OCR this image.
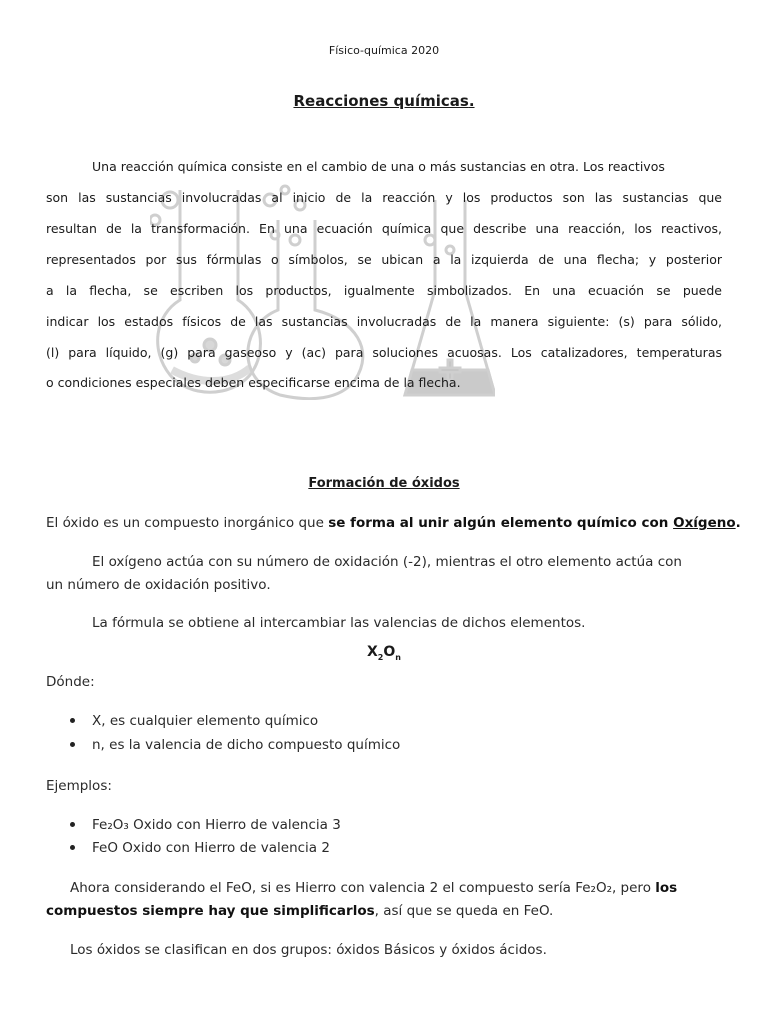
Físico-química 2020
Reacciones químicas.
Una reacción química consiste en el cambio de una o más sustancias en otra. Los reactivos
son las sustancias involucradas al inicio de la reacción y los productos son las sustancias que
resultan de la transformación. En una ecuación química que describe una reacción, los reactivos,
representados por sus fórmulas o símbolos, se ubican a la izquierda de una flecha; y posterior
a la flecha, se escriben los productos, igualmente simbolizados. En una ecuación se puede
indicar los estados físicos de las sustancias involucradas de la manera siguiente: (s) para sólido,
(l) para líquido, (g) para gaseoso y (ac) para soluciones acuosas. Los catalizadores, temperaturas
o condiciones especiales deben especificarse encima de la flecha.
Formación de óxidos
El óxido es un compuesto inorgánico que se forma al unir algún elemento químico con Oxígeno.
El oxígeno actúa con su número de oxidación (-2), mientras el otro elemento actúa con
un número de oxidación positivo.
La fórmula se obtiene al intercambiar las valencias de dichos elementos.
$X_2O_n$
Dónde:
X, es cualquier elemento químico
n, es la valencia de dicho compuesto químico
Ejemplos:
Fe₂O₃ Oxido con Hierro de valencia 3
FeO Oxido con Hierro de valencia 2
Ahora considerando el FeO, si es Hierro con valencia 2 el compuesto sería Fe₂O₂, pero los
compuestos siempre hay que simplificarlos, así que se queda en FeO.
Los óxidos se clasifican en dos grupos: óxidos Básicos y óxidos ácidos.
